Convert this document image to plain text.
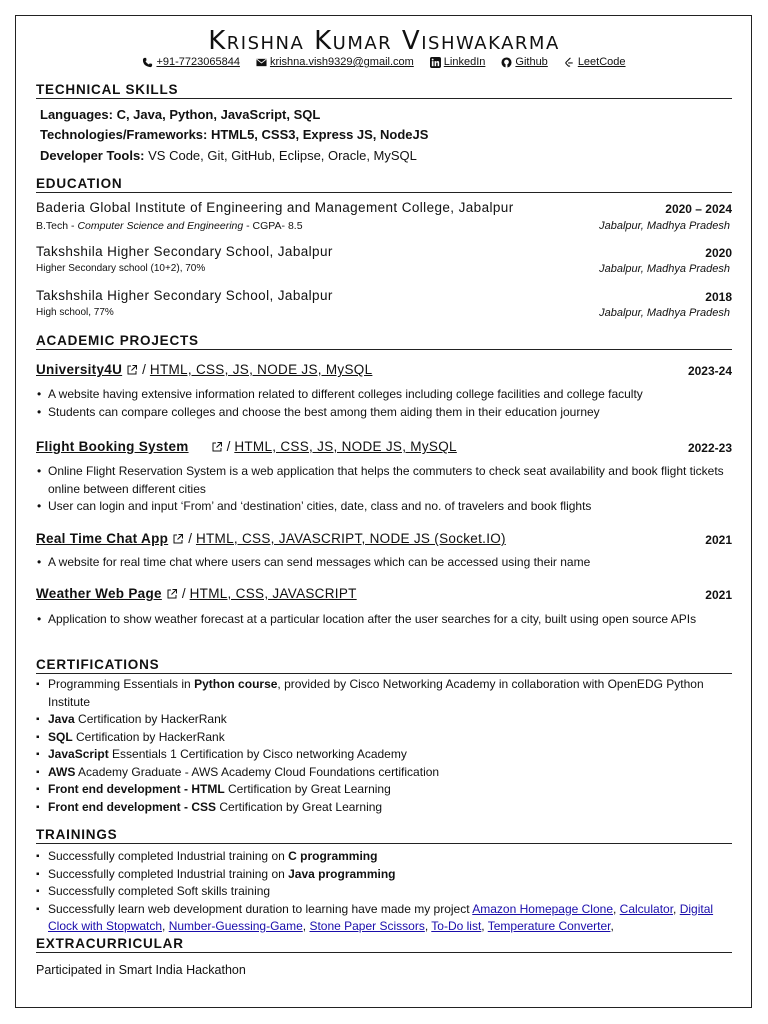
Krishna Kumar Vishwakarma
+91-7723065844	krishna.vish9329@gmail.com	LinkedIn	Github	LeetCode
TECHNICAL SKILLS
Languages: C, Java, Python, JavaScript, SQL
Technologies/Frameworks: HTML5, CSS3, Express JS, NodeJS
Developer Tools: VS Code, Git, GitHub, Eclipse, Oracle, MySQL
EDUCATION
Baderia Global Institute of Engineering and Management College, Jabalpur	2020 – 2024
B.Tech - Computer Science and Engineering - CGPA- 8.5	Jabalpur, Madhya Pradesh
Takshshila Higher Secondary School, Jabalpur	2020
Higher Secondary school (10+2), 70%	Jabalpur, Madhya Pradesh
Takshshila Higher Secondary School, Jabalpur	2018
High school, 77%	Jabalpur, Madhya Pradesh
ACADEMIC PROJECTS
University4U / HTML, CSS, JS, NODE JS, MySQL	2023-24
• A website having extensive information related to different colleges including college facilities and college faculty
• Students can compare colleges and choose the best among them aiding them in their education journey
Flight Booking System	/ HTML, CSS, JS, NODE JS, MySQL	2022-23
• Online Flight Reservation System is a web application that helps the commuters to check seat availability and book flight tickets online between different cities
• User can login and input ‘From’ and ‘destination’ cities, date, class and no. of travelers and book flights
Real Time Chat App / HTML, CSS, JAVASCRIPT, NODE JS (Socket.IO)	2021
• A website for real time chat where users can send messages which can be accessed using their name
Weather Web Page / HTML, CSS, JAVASCRIPT	2021
• Application to show weather forecast at a particular location after the user searches for a city, built using open source APIs
CERTIFICATIONS
▪ Programming Essentials in Python course, provided by Cisco Networking Academy in collaboration with OpenEDG Python Institute
▪ Java Certification by HackerRank
▪ SQL Certification by HackerRank
▪ JavaScript Essentials 1 Certification by Cisco networking Academy
▪ AWS Academy Graduate - AWS Academy Cloud Foundations certification
▪ Front end development - HTML Certification by Great Learning
▪ Front end development - CSS Certification by Great Learning
TRAININGS
▪ Successfully completed Industrial training on C programming
▪ Successfully completed Industrial training on Java programming
▪ Successfully completed Soft skills training
▪ Successfully learn web development duration to learning have made my project Amazon Homepage Clone, Calculator, Digital Clock with Stopwatch, Number-Guessing-Game, Stone Paper Scissors, To-Do list, Temperature Converter,
EXTRACURRICULAR
Participated in Smart India Hackathon
